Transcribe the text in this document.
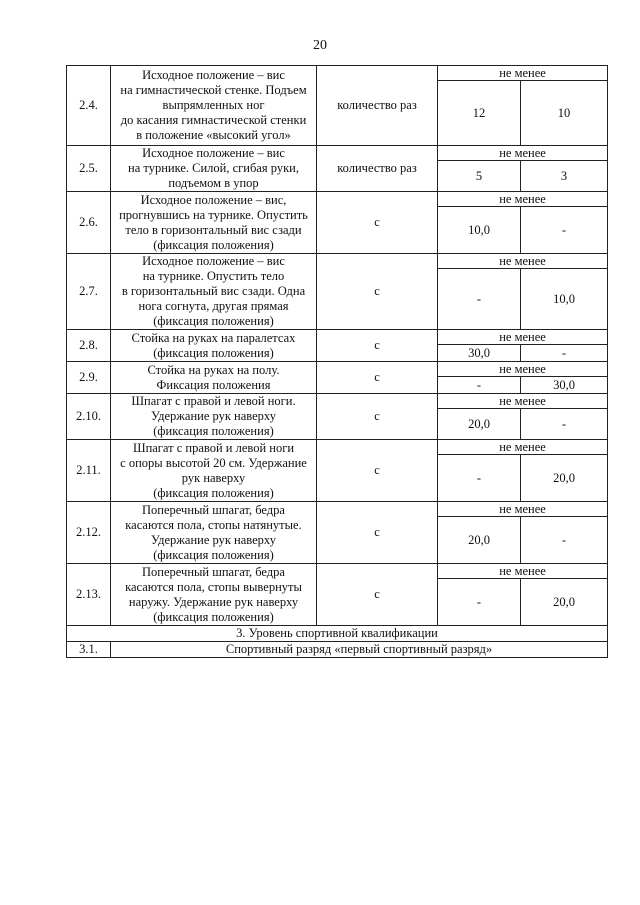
20
2.4.	Исходное положение – вис
на гимнастической стенке. Подъем
выпрямленных ног
до касания гимнастической стенки
в положение «высокий угол»	количество раз	не менее	
			12	10
2.5.	Исходное положение – вис
на турнике. Силой, сгибая руки,
подъемом в упор	количество раз	не менее	
			5	3
2.6.	Исходное положение – вис,
прогнувшись на турнике. Опустить
тело в горизонтальный вис сзади
(фиксация положения)	с	не менее	
			10,0	-
2.7.	Исходное положение – вис
на турнике. Опустить тело
в горизонтальный вис сзади. Одна
нога согнута, другая прямая
(фиксация положения)	с	не менее	
			-	10,0
2.8.	Стойка на руках на паралетсах
(фиксация положения)	с	не менее	
			30,0	-
2.9.	Стойка на руках на полу.
Фиксация положения	с	не менее	
			-	30,0
2.10.	Шпагат с правой и левой ноги.
Удержание рук наверху
(фиксация положения)	с	не менее	
			20,0	-
2.11.	Шпагат с правой и левой ноги
с опоры высотой 20 см. Удержание
рук наверху
(фиксация положения)	с	не менее	
			-	20,0
2.12.	Поперечный шпагат, бедра
касаются пола, стопы натянутые.
Удержание рук наверху
(фиксация положения)	с	не менее	
			20,0	-
2.13.	Поперечный шпагат, бедра
касаются пола, стопы вывернуты
наружу. Удержание рук наверху
(фиксация положения)	с	не менее	
			-	20,0
3. Уровень спортивной квалификации				
3.1.	Спортивный разряд «первый спортивный разряд»			
